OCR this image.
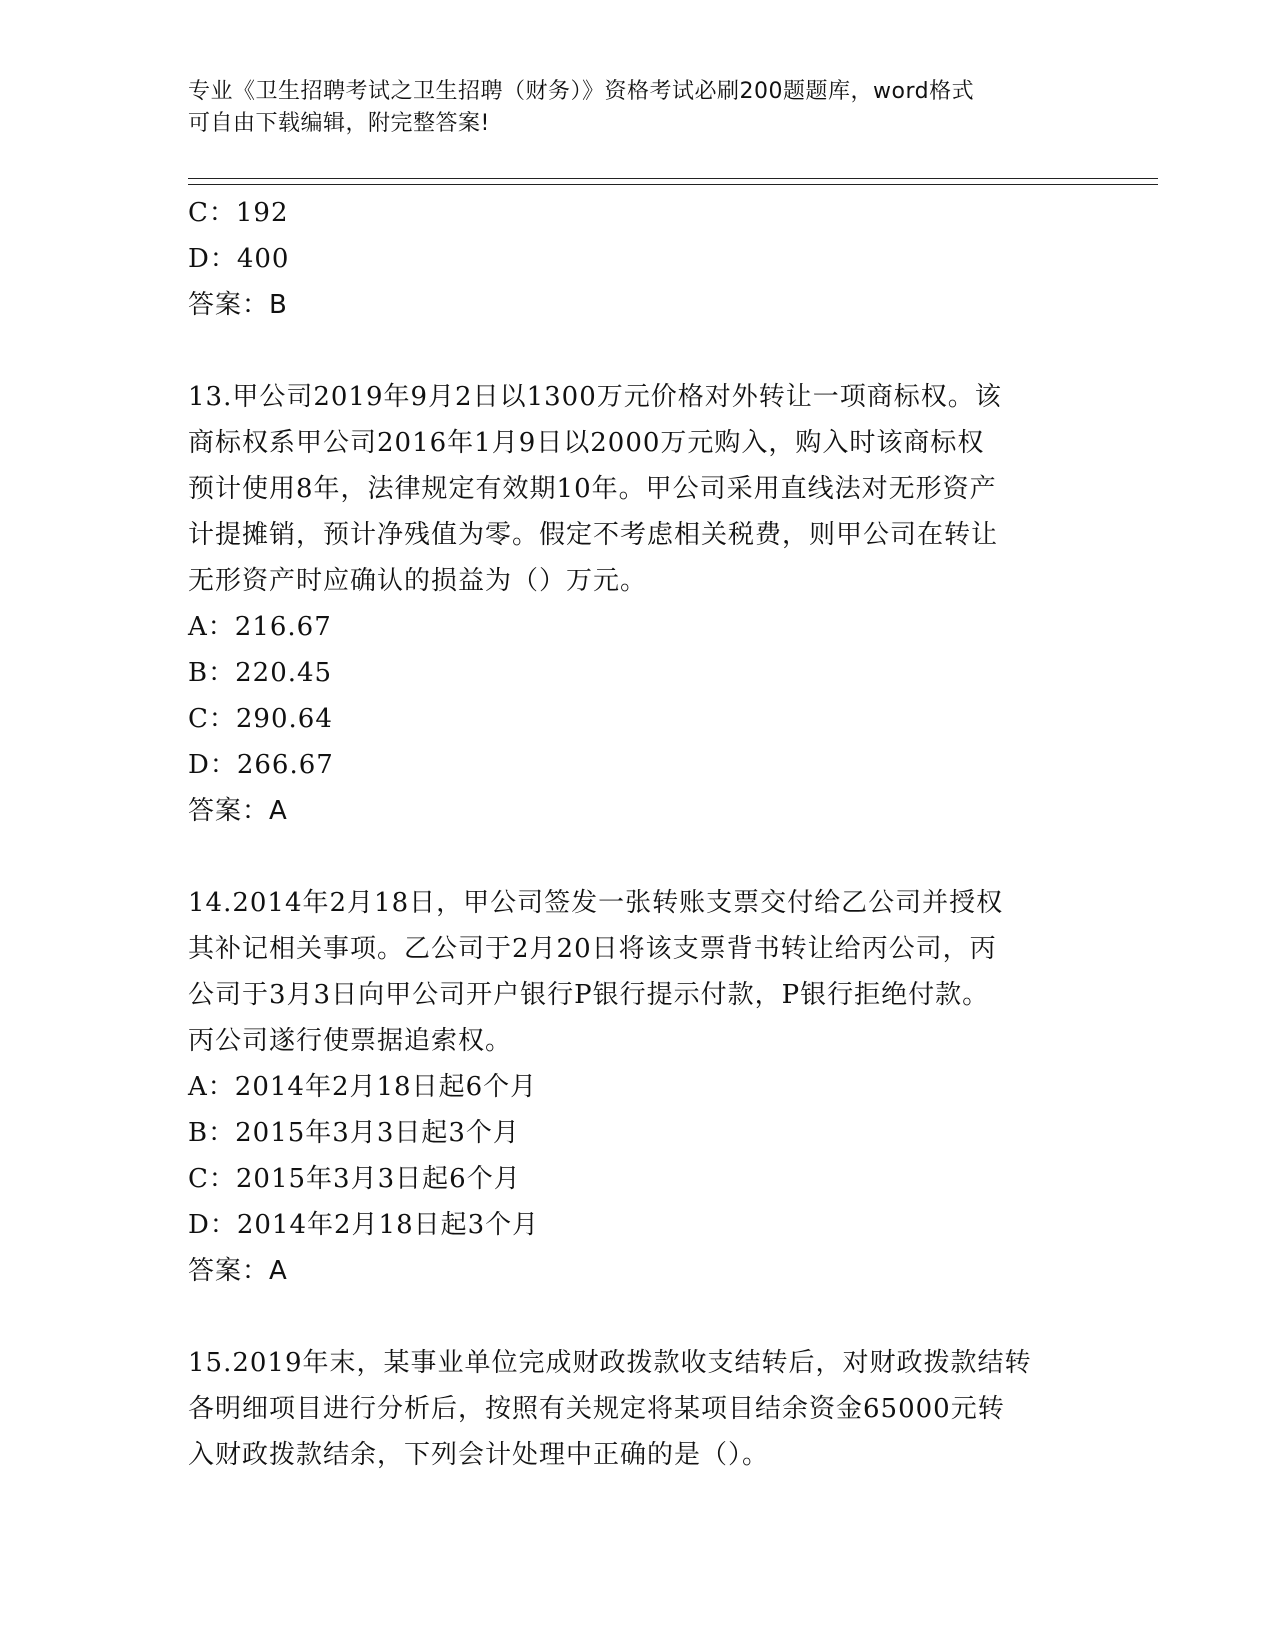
专业《卫生招聘考试之卫生招聘（财务）》资格考试必刷200题题库，word格式
可自由下载编辑，附完整答案!

C：192

D：400

答案：B

13.甲公司2019年9月2日以1300万元价格对外转让一项商标权。该

商标权系甲公司2016年1月9日以2000万元购入，购入时该商标权

预计使用8年，法律规定有效期10年。甲公司采用直线法对无形资产

计提摊销，预计净残值为零。假定不考虑相关税费，则甲公司在转让

无形资产时应确认的损益为（）万元。

A：216.67

B：220.45

C：290.64

D：266.67

答案：A

14.2014年2月18日，甲公司签发一张转账支票交付给乙公司并授权

其补记相关事项。乙公司于2月20日将该支票背书转让给丙公司，丙

公司于3月3日向甲公司开户银行P银行提示付款，P银行拒绝付款。

丙公司遂行使票据追索权。

A：2014年2月18日起6个月

B：2015年3月3日起3个月

C：2015年3月3日起6个月

D：2014年2月18日起3个月

答案：A

15.2019年末，某事业单位完成财政拨款收支结转后，对财政拨款结转

各明细项目进行分析后，按照有关规定将某项目结余资金65000元转

入财政拨款结余，下列会计处理中正确的是（）。
